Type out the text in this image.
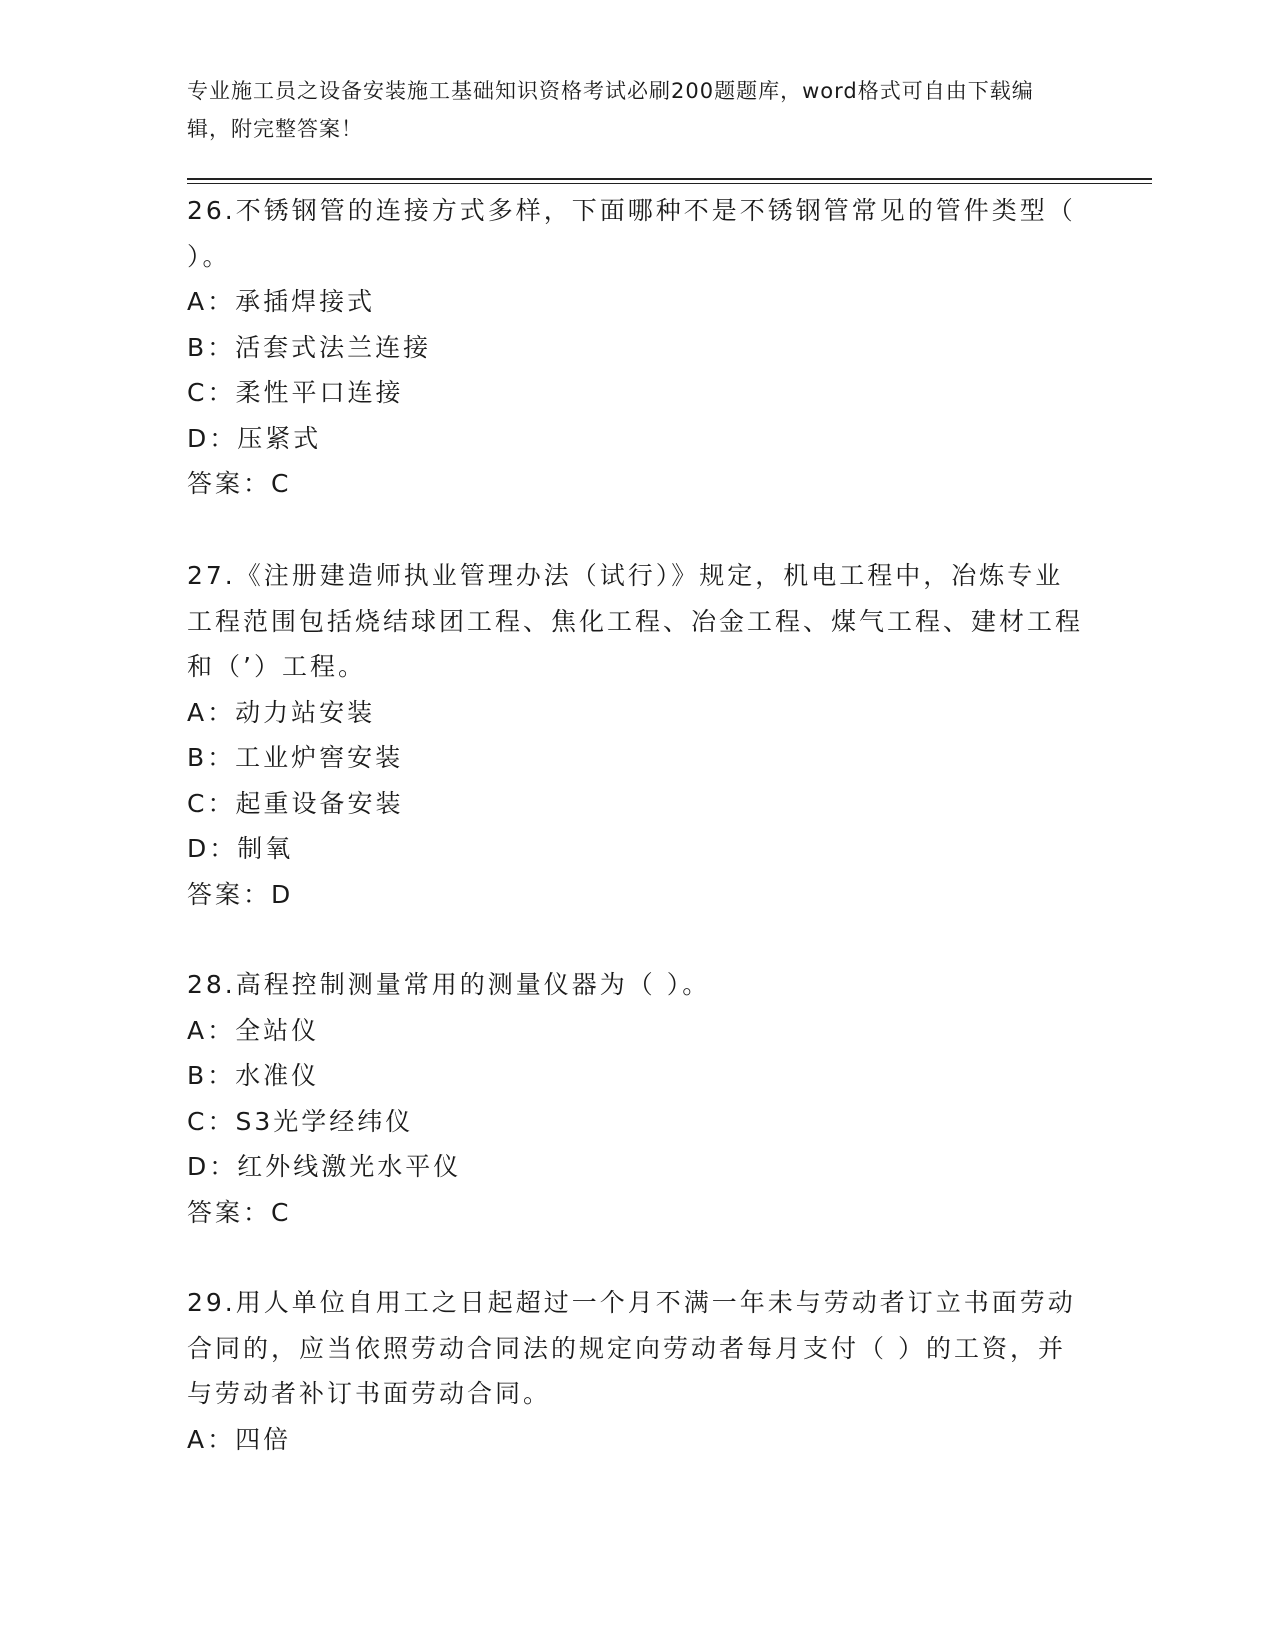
专业施工员之设备安装施工基础知识资格考试必刷200题题库，word格式可自由下载编辑，附完整答案！

26.不锈钢管的连接方式多样，下面哪种不是不锈钢管常见的管件类型（ ）。

A：承插焊接式

B：活套式法兰连接

C：柔性平口连接

D：压紧式

答案：C

27.《注册建造师执业管理办法（试行）》规定，机电工程中，冶炼专业工程范围包括烧结球团工程、焦化工程、冶金工程、煤气工程、建材工程和（’）工程。

A：动力站安装

B：工业炉窖安装

C：起重设备安装

D：制氧

答案：D

28.高程控制测量常用的测量仪器为（ ）。

A：全站仪

B：水准仪

C：S3光学经纬仪

D：红外线激光水平仪

答案：C

29.用人单位自用工之日起超过一个月不满一年未与劳动者订立书面劳动合同的，应当依照劳动合同法的规定向劳动者每月支付（ ）的工资，并与劳动者补订书面劳动合同。

A：四倍
